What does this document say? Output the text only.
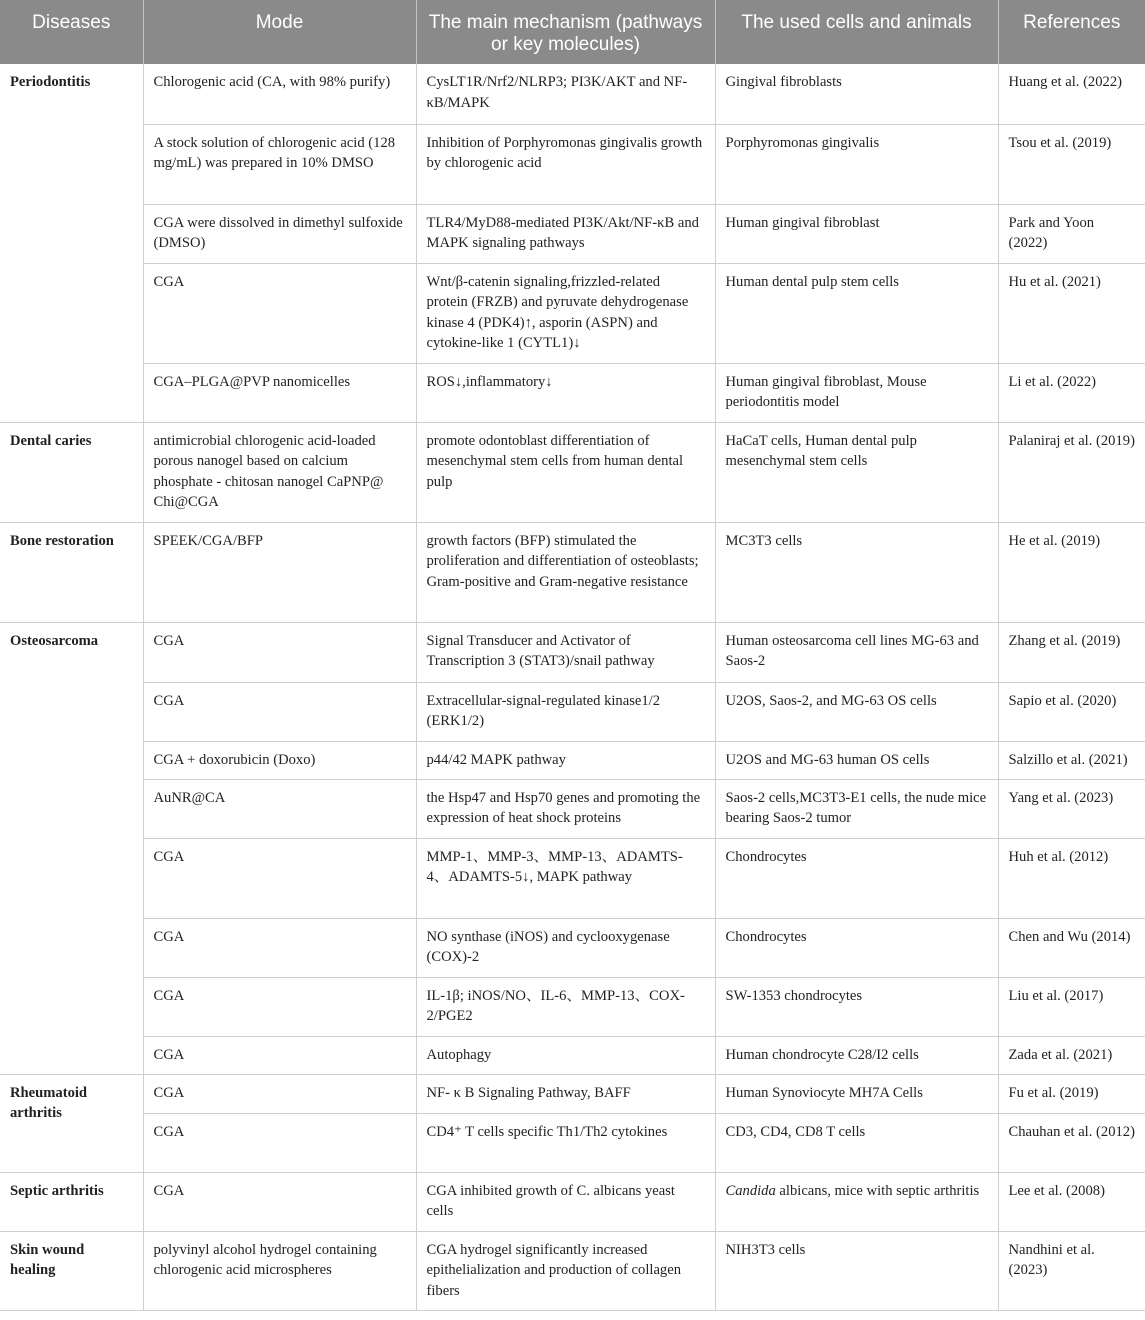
Diseases	Mode	The main mechanism (pathways or key molecules)	The used cells and animals	References
Periodontitis	Chlorogenic acid (CA, with 98% purify)	CysLT1R/Nrf2/NLRP3; PI3K/AKT and NF-κB/MAPK	Gingival fibroblasts	Huang et al. (2022)
	A stock solution of chlorogenic acid (128 mg/mL) was prepared in 10% DMSO	Inhibition of Porphyromonas gingivalis growth by chlorogenic acid	Porphyromonas gingivalis	Tsou et al. (2019)
	CGA were dissolved in dimethyl sulfoxide (DMSO)	TLR4/MyD88-mediated PI3K/Akt/NF-κB and MAPK signaling pathways	Human gingival fibroblast	Park and Yoon (2022)
	CGA	Wnt/β-catenin signaling,frizzled-related protein (FRZB) and pyruvate dehydrogenase kinase 4 (PDK4)↑, asporin (ASPN) and cytokine-like 1 (CYTL1)↓	Human dental pulp stem cells	Hu et al. (2021)
	CGA–PLGA@PVP nanomicelles	ROS↓,inflammatory↓	Human gingival fibroblast, Mouse periodontitis model	Li et al. (2022)
Dental caries	antimicrobial chlorogenic acid-loaded porous nanogel based on calcium phosphate - chitosan nanogel CaPNP@ Chi@CGA	promote odontoblast differentiation of mesenchymal stem cells from human dental pulp	HaCaT cells, Human dental pulp mesenchymal stem cells	Palaniraj et al. (2019)
Bone restoration	SPEEK/CGA/BFP	growth factors (BFP) stimulated the proliferation and differentiation of osteoblasts; Gram-positive and Gram-negative resistance	MC3T3 cells	He et al. (2019)
Osteosarcoma	CGA	Signal Transducer and Activator of Transcription 3 (STAT3)/snail pathway	Human osteosarcoma cell lines MG-63 and Saos-2	Zhang et al. (2019)
	CGA	Extracellular-signal-regulated kinase1/2 (ERK1/2)	U2OS, Saos-2, and MG-63 OS cells	Sapio et al. (2020)
	CGA + doxorubicin (Doxo)	p44/42 MAPK pathway	U2OS and MG-63 human OS cells	Salzillo et al. (2021)
	AuNR@CA	the Hsp47 and Hsp70 genes and promoting the expression of heat shock proteins	Saos-2 cells,MC3T3-E1 cells, the nude mice bearing Saos-2 tumor	Yang et al. (2023)
	CGA	MMP-1、MMP-3、MMP-13、ADAMTS-4、ADAMTS-5↓, MAPK pathway	Chondrocytes	Huh et al. (2012)
	CGA	NO synthase (iNOS) and cyclooxygenase (COX)-2	Chondrocytes	Chen and Wu (2014)
	CGA	IL-1β; iNOS/NO、IL-6、MMP-13、COX-2/PGE2	SW-1353 chondrocytes	Liu et al. (2017)
	CGA	Autophagy	Human chondrocyte C28/I2 cells	Zada et al. (2021)
Rheumatoid arthritis	CGA	NF- κ B Signaling Pathway, BAFF	Human Synoviocyte MH7A Cells	Fu et al. (2019)
	CGA	CD4⁺ T cells specific Th1/Th2 cytokines	CD3, CD4, CD8 T cells	Chauhan et al. (2012)
Septic arthritis	CGA	CGA inhibited growth of C. albicans yeast cells	Candida albicans, mice with septic arthritis	Lee et al. (2008)
Skin wound healing	polyvinyl alcohol hydrogel containing chlorogenic acid microspheres	CGA hydrogel significantly increased epithelialization and production of collagen fibers	NIH3T3 cells	Nandhini et al. (2023)
